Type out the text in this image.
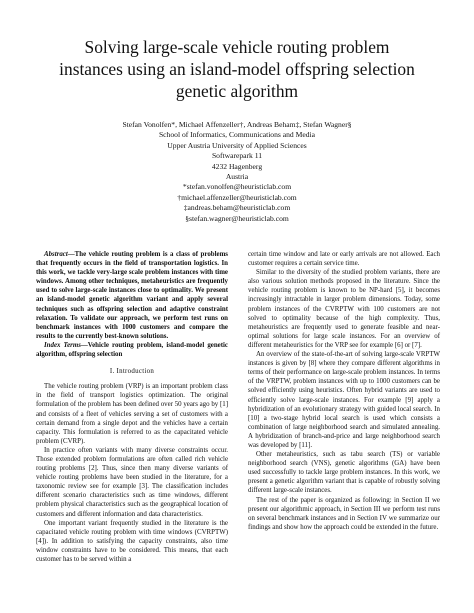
Solving large-scale vehicle routing problem
instances using an island-model offspring selection
genetic algorithm
Stefan Vonolfen*, Michael Affenzeller†, Andreas Beham‡, Stefan Wagner§
School of Informatics, Communications and Media
Upper Austria University of Applied Sciences
Softwarepark 11
4232 Hagenberg
Austria
*stefan.vonolfen@heuristiclab.com
†michael.affenzeller@heuristiclab.com
‡andreas.beham@heuristiclab.com
§stefan.wagner@heuristiclab.com

Abstract—The vehicle routing problem is a class of problems that frequently occurs in the field of transportation logistics. In this work, we tackle very-large scale problem instances with time windows. Among other techniques, metaheuristics are frequently used to solve large-scale instances close to optimality. We present an island-model genetic algorithm variant and apply several techniques such as offspring selection and adaptive constraint relaxation. To validate our approach, we perform test runs on benchmark instances with 1000 customers and compare the results to the currently best-known solutions.

Index Terms—Vehicle routing problem, island-model genetic algorithm, offspring selection

I. Introduction

The vehicle routing problem (VRP) is an important problem class in the field of transport logistics optimization. The original formulation of the problem has been defined over 50 years ago by [1] and consists of a fleet of vehicles serving a set of customers with a certain demand from a single depot and the vehicles have a certain capacity. This formulation is referred to as the capacitated vehicle problem (CVRP).

In practice often variants with many diverse constraints occur. Those extended problem formulations are often called rich vehicle routing problems [2]. Thus, since then many diverse variants of vehicle routing problems have been studied in the literature, for a taxonomic review see for example [3]. The classification includes different scenario characteristics such as time windows, different problem physical characteristics such as the geographical location of customers and different information and data characteristics.

One important variant frequently studied in the literature is the capacitated vehicle routing problem with time windows (CVRPTW) [4]). In addition to satisfying the capacity constraints, also time window constraints have to be considered. This means, that each customer has to be served within a

certain time window and late or early arrivals are not allowed. Each customer requires a certain service time.

Similar to the diversity of the studied problem variants, there are also various solution methods proposed in the literature. Since the vehicle routing problem is known to be NP-hard [5], it becomes increasingly intractable in larger problem dimensions. Today, some problem instances of the CVRPTW with 100 customers are not solved to optimality because of the high complexity. Thus, metaheuristics are frequently used to generate feasible and near-optimal solutions for large scale instances. For an overview of different metaheuristics for the VRP see for example [6] or [7].

An overview of the state-of-the-art of solving large-scale VRPTW instances is given by [8] where they compare different algorithms in terms of their performance on large-scale problem instances. In terms of the VRPTW, problem instances with up to 1000 customers can be solved efficiently using heuristics. Often hybrid variants are used to efficiently solve large-scale instances. For example [9] apply a hybridization of an evolutionary strategy with guided local search. In [10] a two-stage hybrid local search is used which consists a combination of large neighborhood search and simulated annealing. A hybridization of branch-and-price and large neighborhood search was developed by [11].

Other metaheuristics, such as tabu search (TS) or variable neighborhood search (VNS), genetic algorithms (GA) have been used successfully to tackle large problem instances. In this work, we present a genetic algorithm variant that is capable of robustly solving different large-scale instances.

The rest of the paper is organized as following: in Section II we present our algorithmic approach, in Section III we perform test runs on several benchmark instances and in Section IV we summarize our findings and show how the approach could be extended in the future.
